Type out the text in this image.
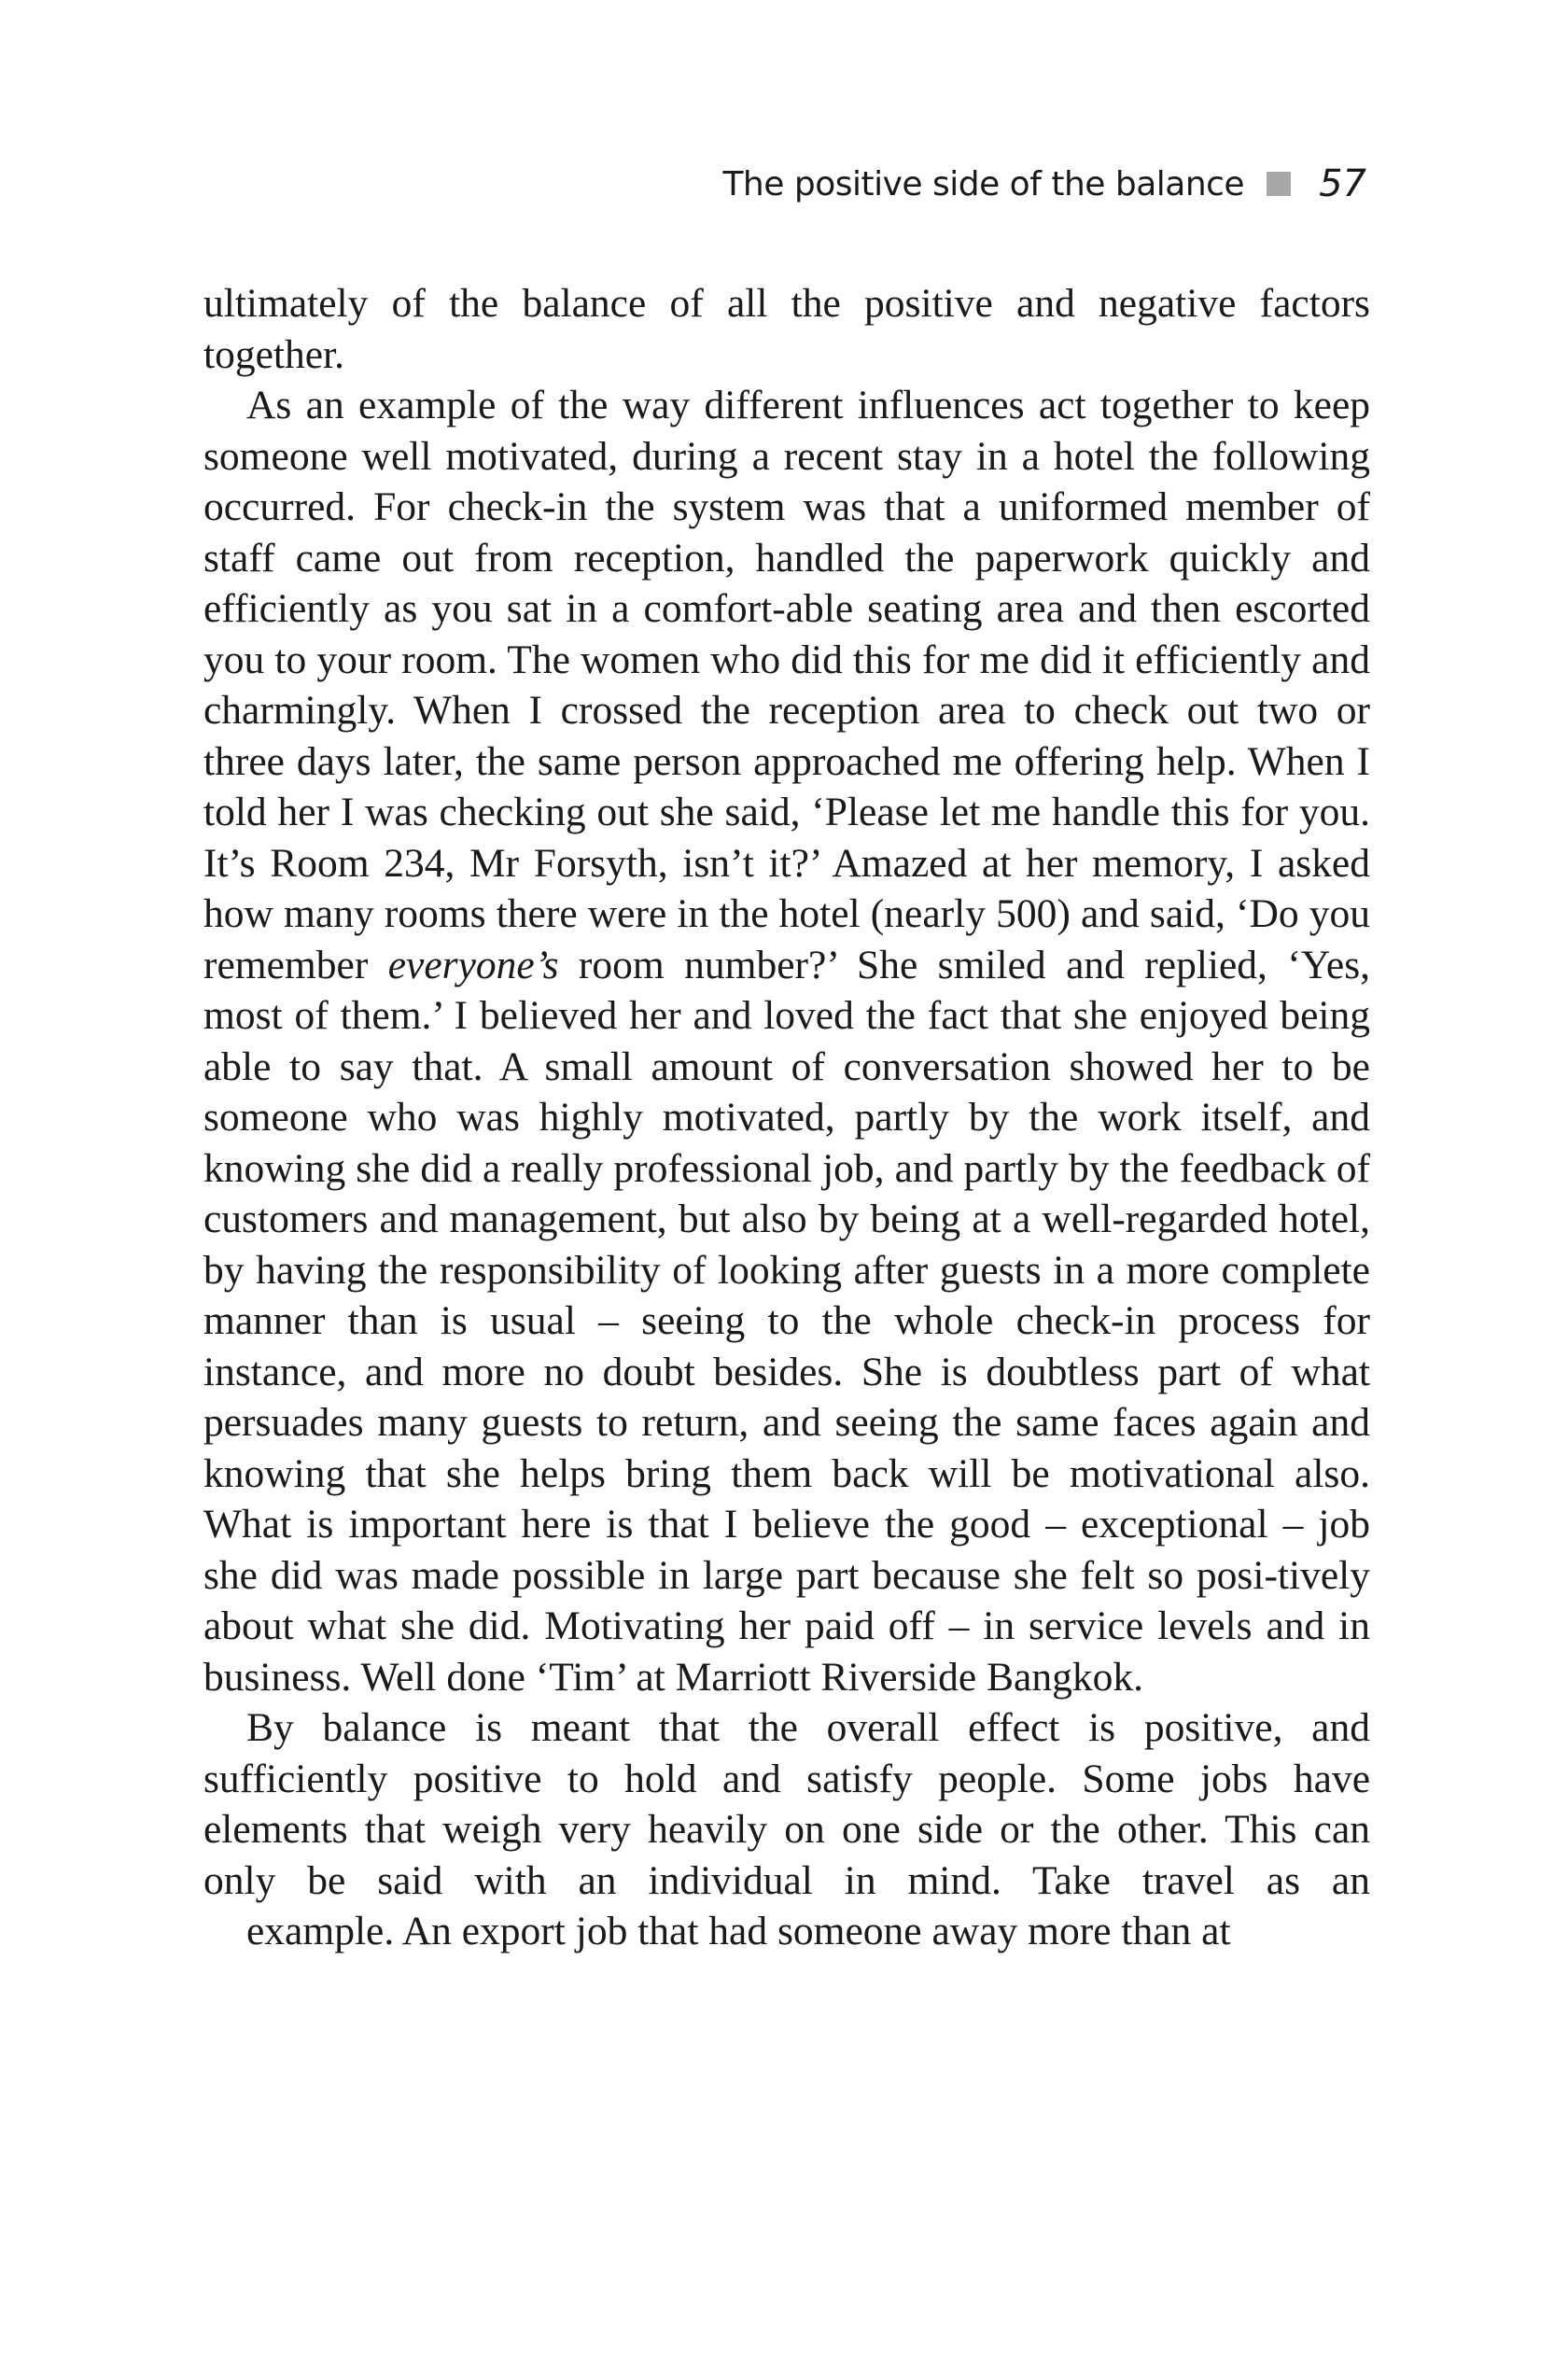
The positive side of the balance 57

ultimately of the balance of all the positive and negative factors together.

As an example of the way different influences act together to keep someone well motivated, during a recent stay in a hotel the following occurred. For check-in the system was that a uniformed member of staff came out from reception, handled the paperwork quickly and efficiently as you sat in a comfort-able seating area and then escorted you to your room. The women who did this for me did it efficiently and charmingly. When I crossed the reception area to check out two or three days later, the same person approached me offering help. When I told her I was checking out she said, ‘Please let me handle this for you. It’s Room 234, Mr Forsyth, isn’t it?’ Amazed at her memory, I asked how many rooms there were in the hotel (nearly 500) and said, ‘Do you remember everyone’s room number?’ She smiled and replied, ‘Yes, most of them.’ I believed her and loved the fact that she enjoyed being able to say that. A small amount of conversation showed her to be someone who was highly motivated, partly by the work itself, and knowing she did a really professional job, and partly by the feedback of customers and management, but also by being at a well-regarded hotel, by having the responsibility of looking after guests in a more complete manner than is usual – seeing to the whole check-in process for instance, and more no doubt besides. She is doubtless part of what persuades many guests to return, and seeing the same faces again and knowing that she helps bring them back will be motivational also. What is important here is that I believe the good – exceptional – job she did was made possible in large part because she felt so posi-tively about what she did. Motivating her paid off – in service levels and in business. Well done ‘Tim’ at Marriott Riverside Bangkok.

By balance is meant that the overall effect is positive, and sufficiently positive to hold and satisfy people. Some jobs have elements that weigh very heavily on one side or the other. This can only be said with an individual in mind. Take travel as an example. An export job that had someone away more than at
